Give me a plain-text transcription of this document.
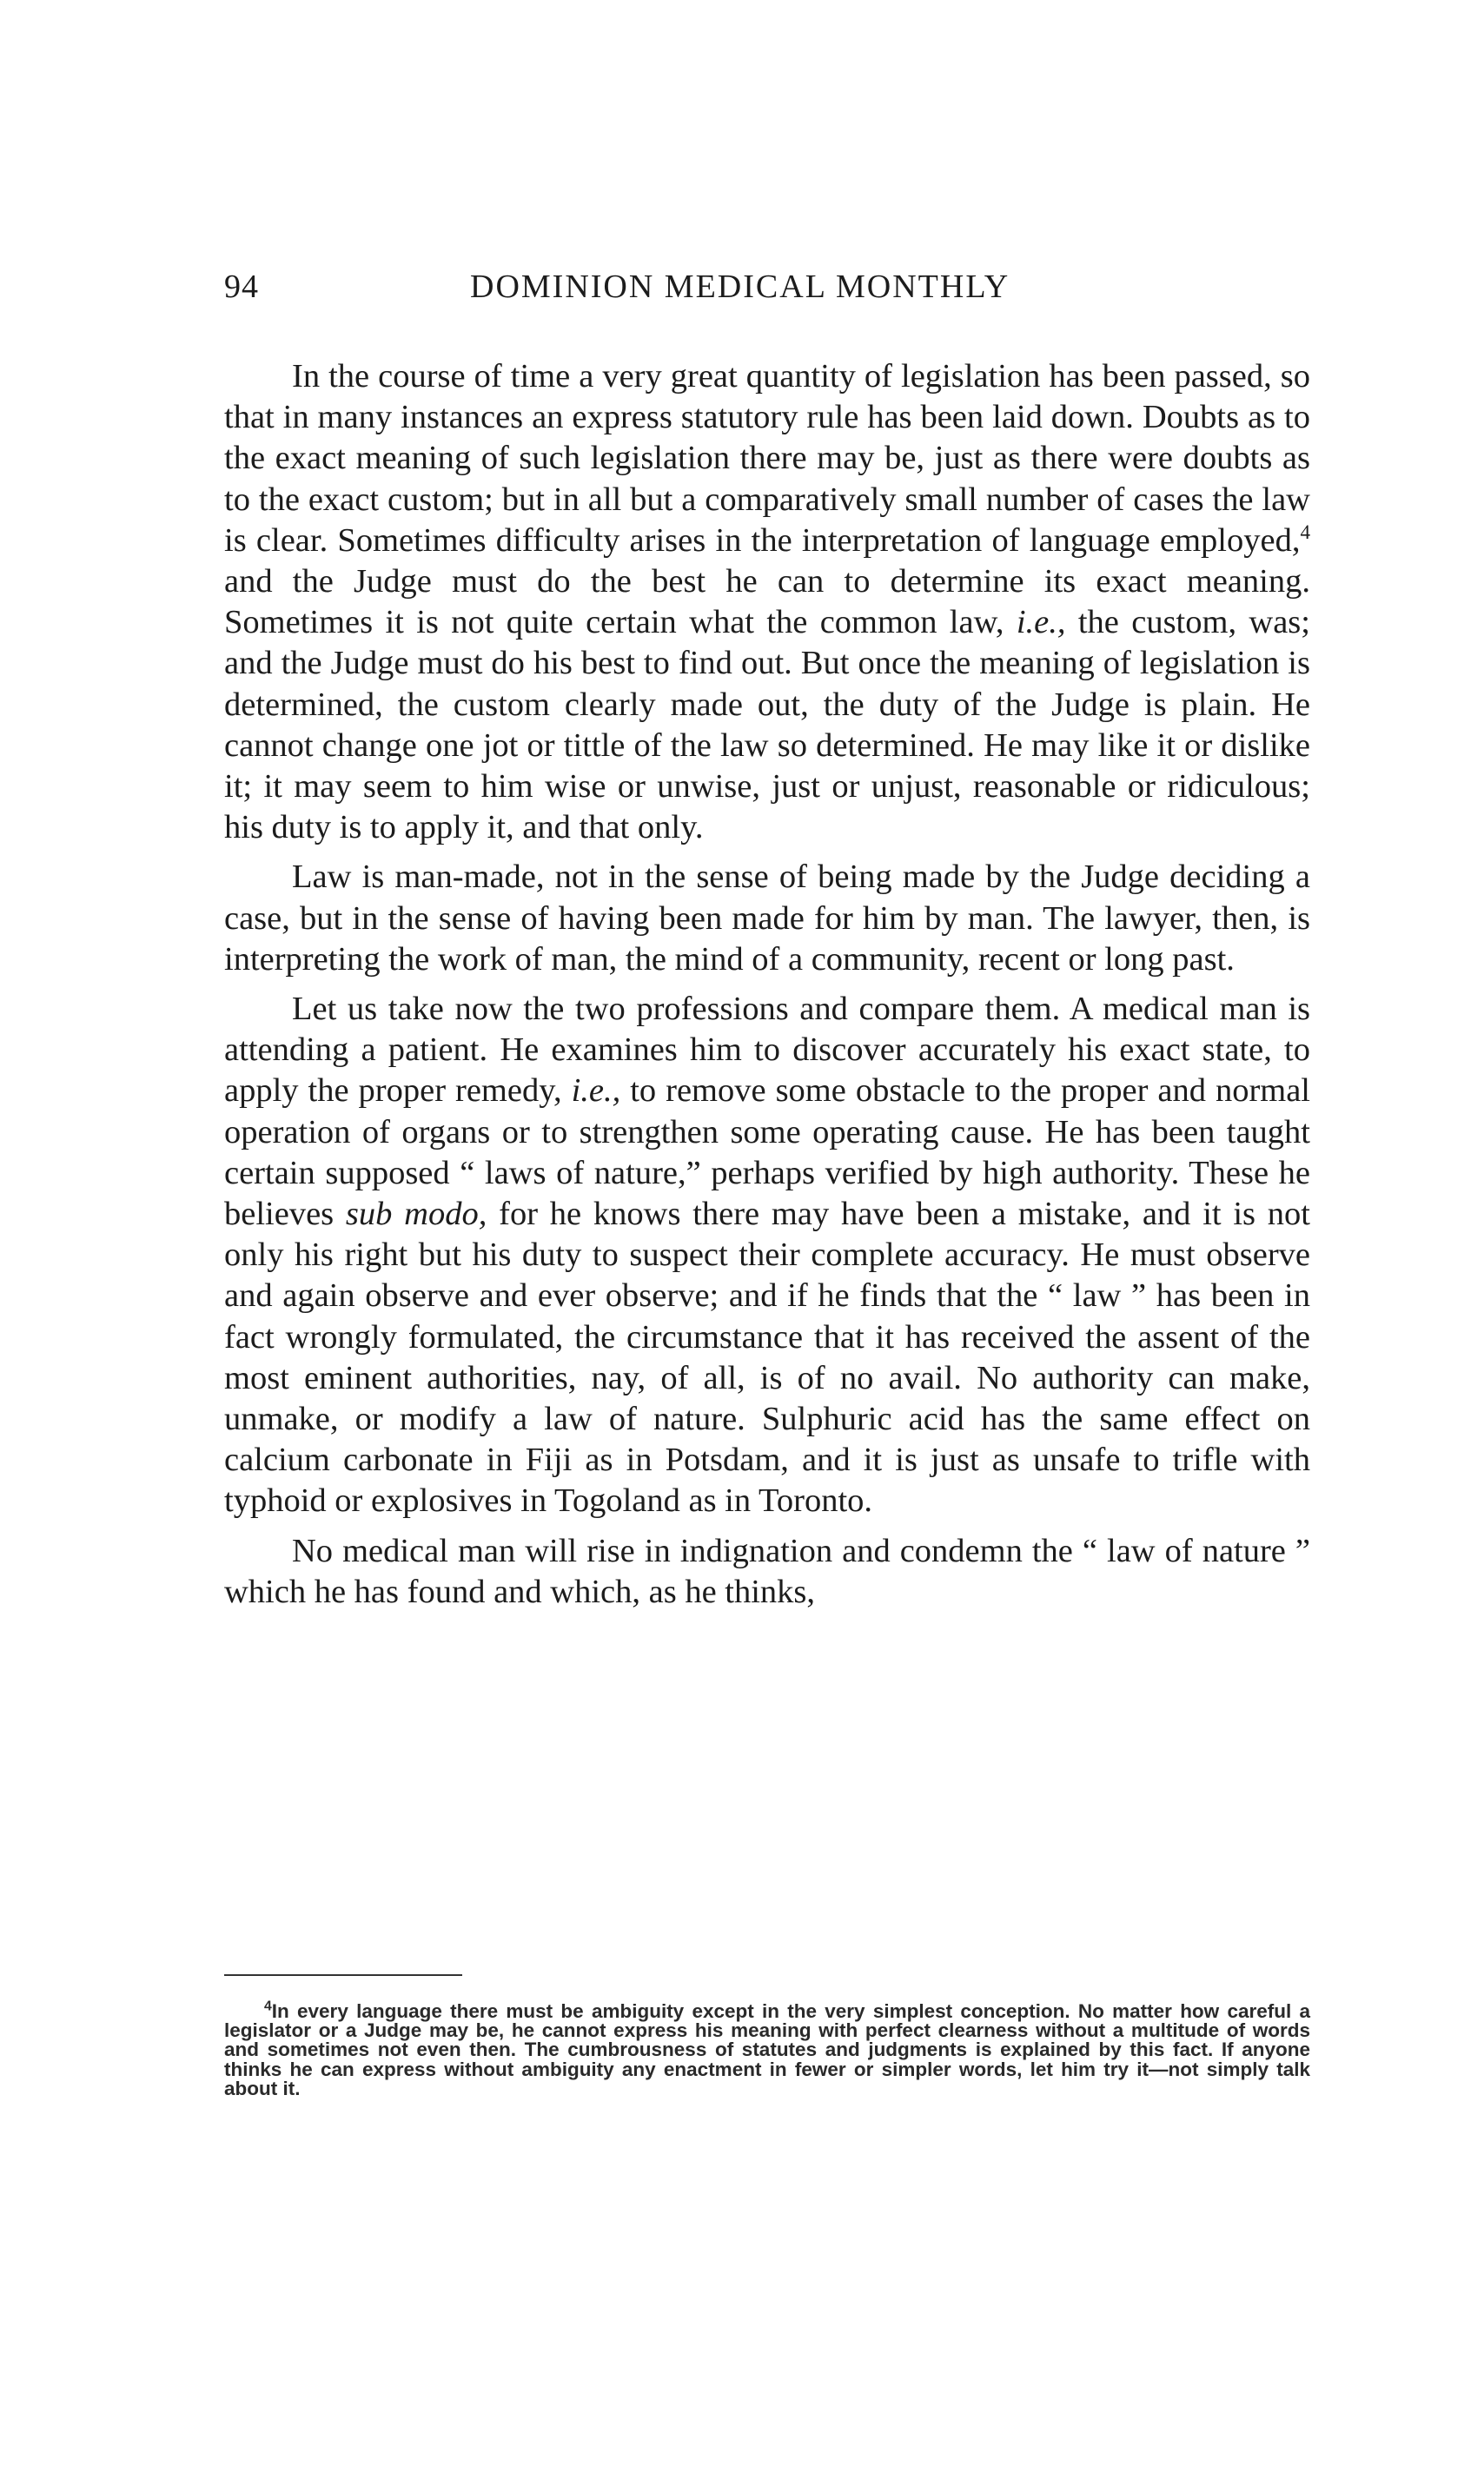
94	DOMINION MEDICAL MONTHLY

In the course of time a very great quantity of legislation has been passed, so that in many instances an express statutory rule has been laid down. Doubts as to the exact meaning of such legislation there may be, just as there were doubts as to the exact custom; but in all but a comparatively small number of cases the law is clear. Sometimes difficulty arises in the interpretation of language employed,$^4$ and the Judge must do the best he can to determine its exact meaning. Sometimes it is not quite certain what the common law, i.e., the custom, was; and the Judge must do his best to find out. But once the meaning of legislation is determined, the custom clearly made out, the duty of the Judge is plain. He cannot change one jot or tittle of the law so determined. He may like it or dislike it; it may seem to him wise or unwise, just or unjust, reasonable or ridiculous; his duty is to apply it, and that only.

Law is man-made, not in the sense of being made by the Judge deciding a case, but in the sense of having been made for him by man. The lawyer, then, is interpreting the work of man, the mind of a community, recent or long past.

Let us take now the two professions and compare them. A medical man is attending a patient. He examines him to discover accurately his exact state, to apply the proper remedy, i.e., to remove some obstacle to the proper and normal operation of organs or to strengthen some operating cause. He has been taught certain supposed “ laws of nature,” perhaps verified by high authority. These he believes sub modo, for he knows there may have been a mistake, and it is not only his right but his duty to suspect their complete accuracy. He must observe and again observe and ever observe; and if he finds that the “ law ” has been in fact wrongly formulated, the circumstance that it has received the assent of the most eminent authorities, nay, of all, is of no avail. No authority can make, unmake, or modify a law of nature. Sulphuric acid has the same effect on calcium carbonate in Fiji as in Potsdam, and it is just as unsafe to trifle with typhoid or explosives in Togoland as in Toronto.

No medical man will rise in indignation and condemn the “ law of nature ” which he has found and which, as he thinks,

$^4$In every language there must be ambiguity except in the very simplest conception. No matter how careful a legislator or a Judge may be, he cannot express his meaning with perfect clearness without a multitude of words and sometimes not even then. The cumbrousness of statutes and judgments is explained by this fact. If anyone thinks he can express without ambiguity any enactment in fewer or simpler words, let him try it—not simply talk about it.
